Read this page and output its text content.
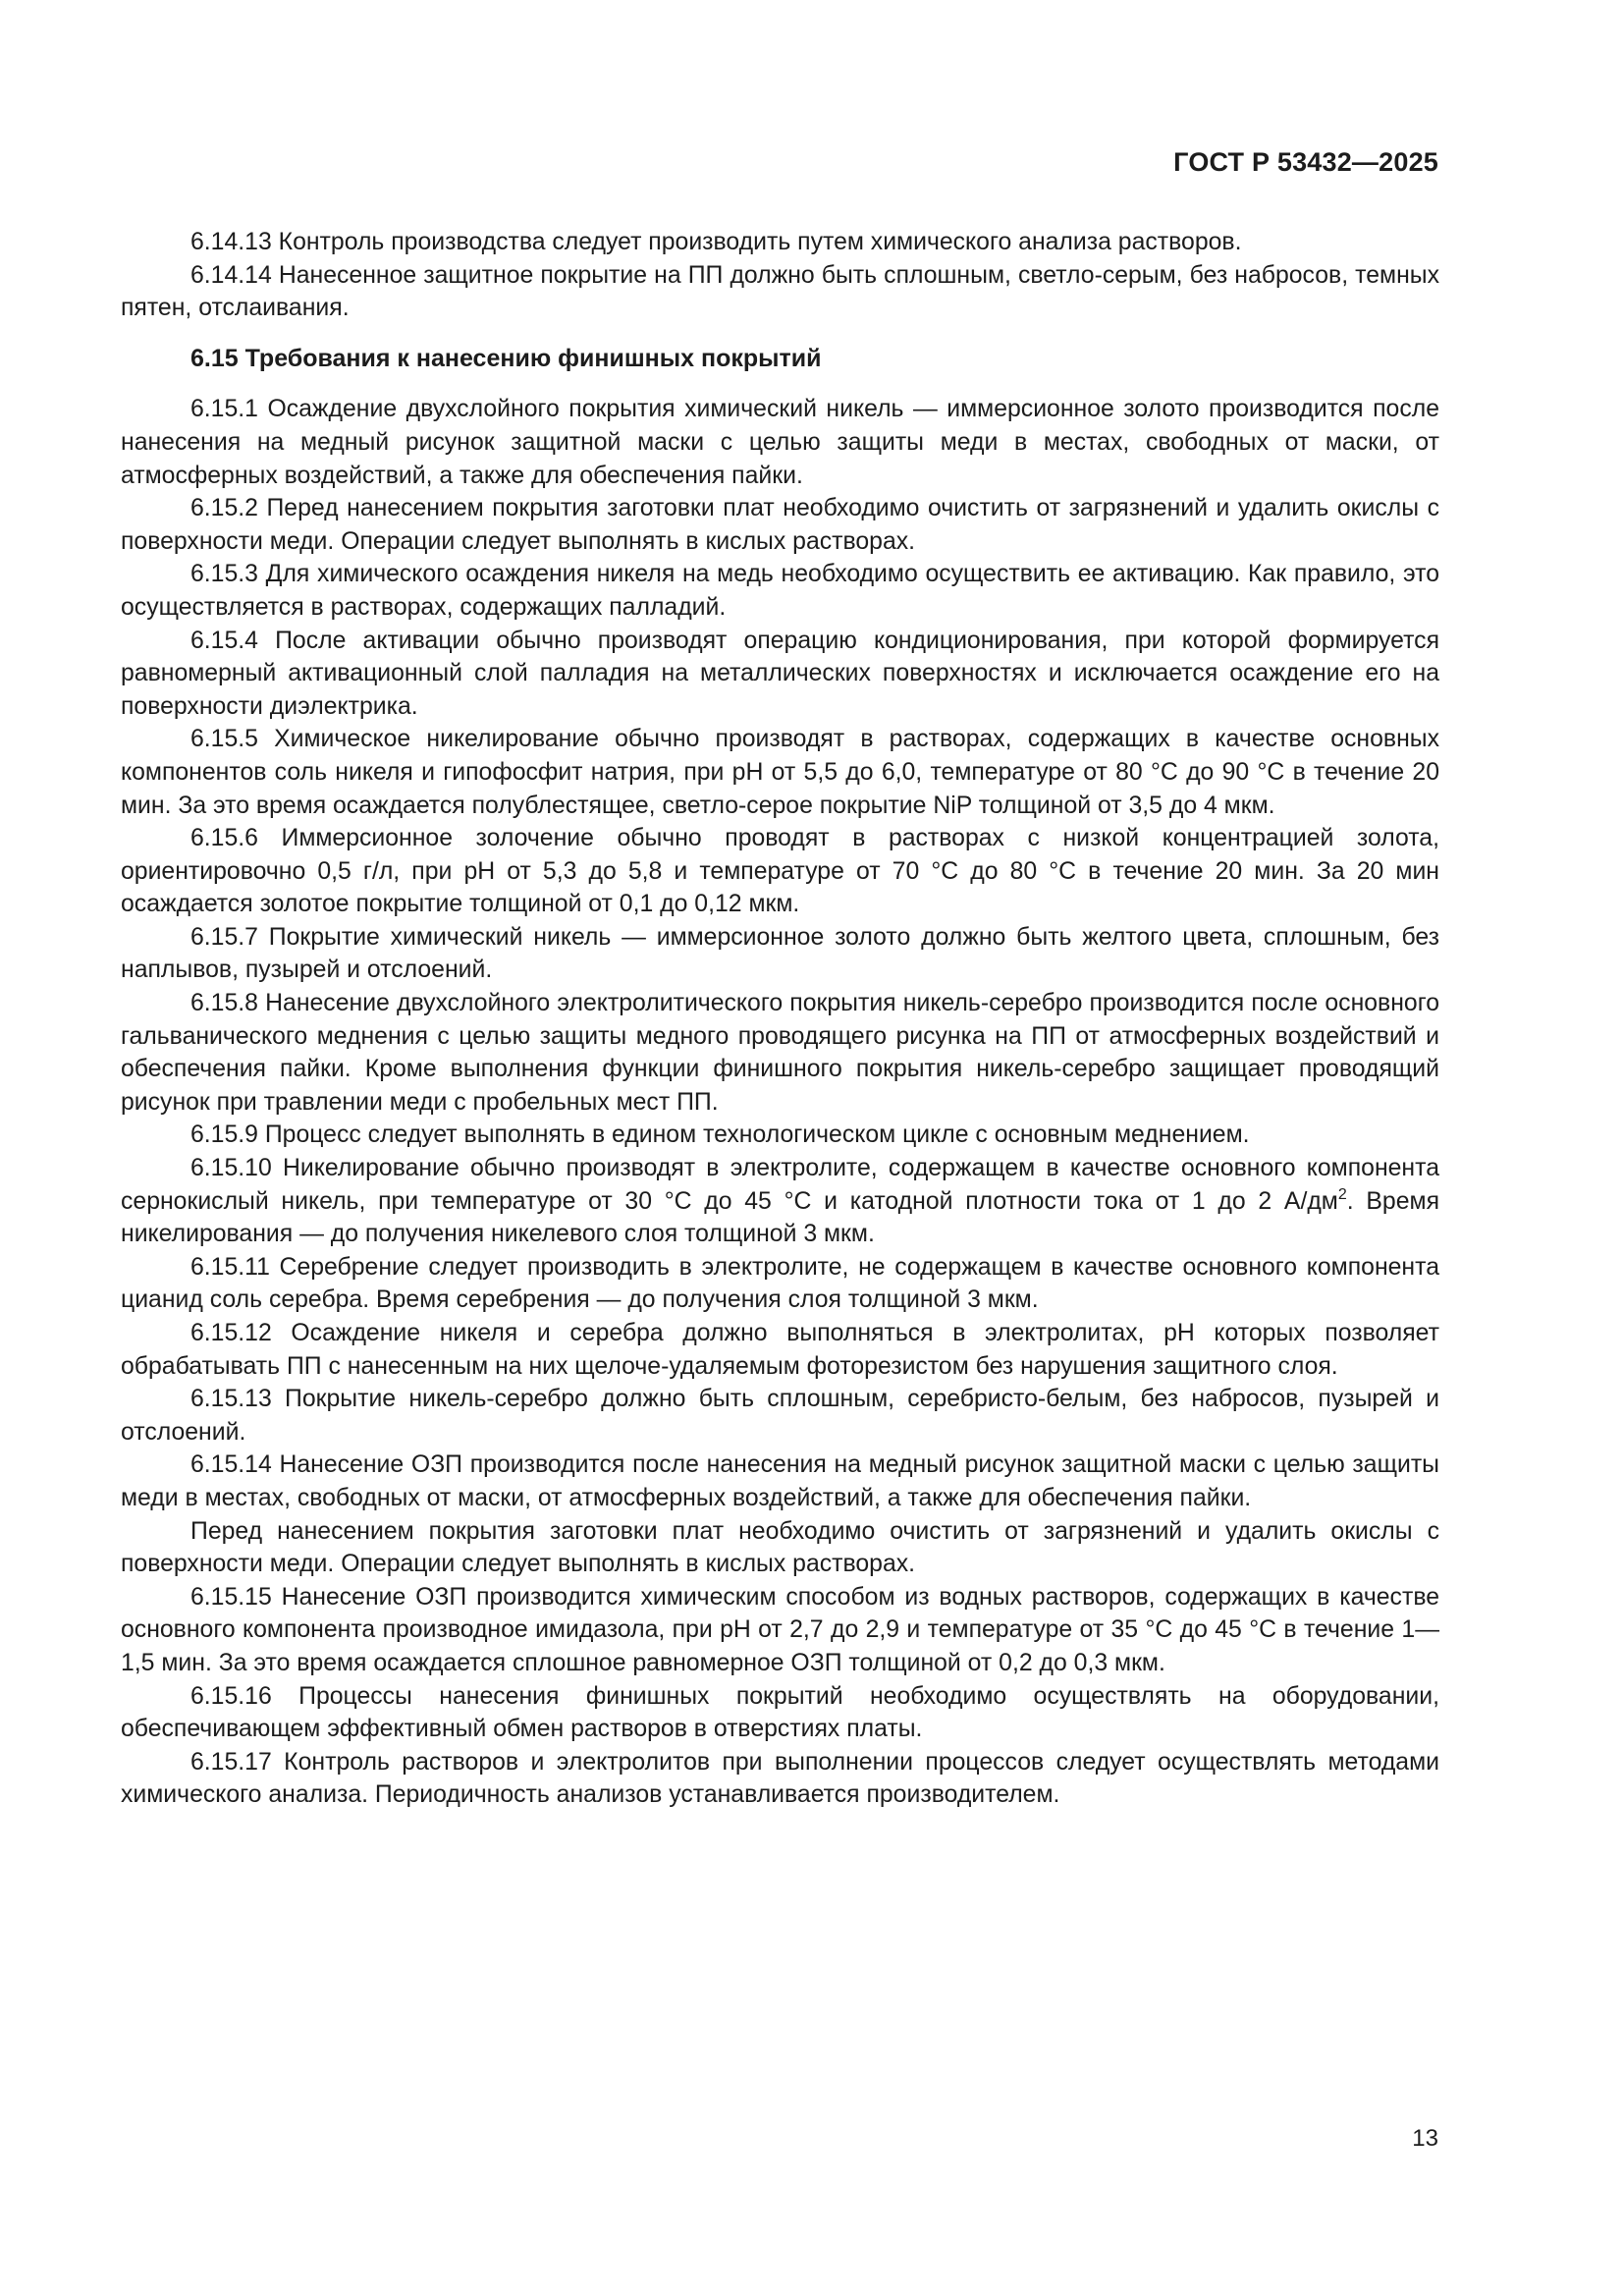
ГОСТ Р 53432—2025

6.14.13 Контроль производства следует производить путем химического анализа растворов.

6.14.14 Нанесенное защитное покрытие на ПП должно быть сплошным, светло-серым, без набросов, темных пятен, отслаивания.

6.15 Требования к нанесению финишных покрытий

6.15.1 Осаждение двухслойного покрытия химический никель — иммерсионное золото производится после нанесения на медный рисунок защитной маски с целью защиты меди в местах, свободных от маски, от атмосферных воздействий, а также для обеспечения пайки.

6.15.2 Перед нанесением покрытия заготовки плат необходимо очистить от загрязнений и удалить окислы с поверхности меди. Операции следует выполнять в кислых растворах.

6.15.3 Для химического осаждения никеля на медь необходимо осуществить ее активацию. Как правило, это осуществляется в растворах, содержащих палладий.

6.15.4 После активации обычно производят операцию кондиционирования, при которой формируется равномерный активационный слой палладия на металлических поверхностях и исключается осаждение его на поверхности диэлектрика.

6.15.5 Химическое никелирование обычно производят в растворах, содержащих в качестве основных компонентов соль никеля и гипофосфит натрия, при pH от 5,5 до 6,0, температуре от 80 °С до 90 °С в течение 20 мин. За это время осаждается полублестящее, светло-серое покрытие NiP толщиной от 3,5 до 4 мкм.

6.15.6 Иммерсионное золочение обычно проводят в растворах с низкой концентрацией золота, ориентировочно 0,5 г/л, при pH от 5,3 до 5,8 и температуре от 70 °С до 80 °С в течение 20 мин. За 20 мин осаждается золотое покрытие толщиной от 0,1 до 0,12 мкм.

6.15.7 Покрытие химический никель — иммерсионное золото должно быть желтого цвета, сплошным, без наплывов, пузырей и отслоений.

6.15.8 Нанесение двухслойного электролитического покрытия никель-серебро производится после основного гальванического меднения с целью защиты медного проводящего рисунка на ПП от атмосферных воздействий и обеспечения пайки. Кроме выполнения функции финишного покрытия никель-серебро защищает проводящий рисунок при травлении меди с пробельных мест ПП.

6.15.9 Процесс следует выполнять в едином технологическом цикле с основным меднением.

6.15.10 Никелирование обычно производят в электролите, содержащем в качестве основного компонента сернокислый никель, при температуре от 30 °С до 45 °С и катодной плотности тока от 1 до 2 $А/дм^2$. Время никелирования — до получения никелевого слоя толщиной 3 мкм.

6.15.11 Серебрение следует производить в электролите, не содержащем в качестве основного компонента цианид соль серебра. Время серебрения — до получения слоя толщиной 3 мкм.

6.15.12 Осаждение никеля и серебра должно выполняться в электролитах, pH которых позволяет обрабатывать ПП с нанесенным на них щелоче-удаляемым фоторезистом без нарушения защитного слоя.

6.15.13 Покрытие никель-серебро должно быть сплошным, серебристо-белым, без набросов, пузырей и отслоений.

6.15.14 Нанесение ОЗП производится после нанесения на медный рисунок защитной маски с целью защиты меди в местах, свободных от маски, от атмосферных воздействий, а также для обеспечения пайки.

Перед нанесением покрытия заготовки плат необходимо очистить от загрязнений и удалить окислы с поверхности меди. Операции следует выполнять в кислых растворах.

6.15.15 Нанесение ОЗП производится химическим способом из водных растворов, содержащих в качестве основного компонента производное имидазола, при pH от 2,7 до 2,9 и температуре от 35 °С до 45 °С в течение 1—1,5 мин. За это время осаждается сплошное равномерное ОЗП толщиной от 0,2 до 0,3 мкм.

6.15.16 Процессы нанесения финишных покрытий необходимо осуществлять на оборудовании, обеспечивающем эффективный обмен растворов в отверстиях платы.

6.15.17 Контроль растворов и электролитов при выполнении процессов следует осуществлять методами химического анализа. Периодичность анализов устанавливается производителем.

13
